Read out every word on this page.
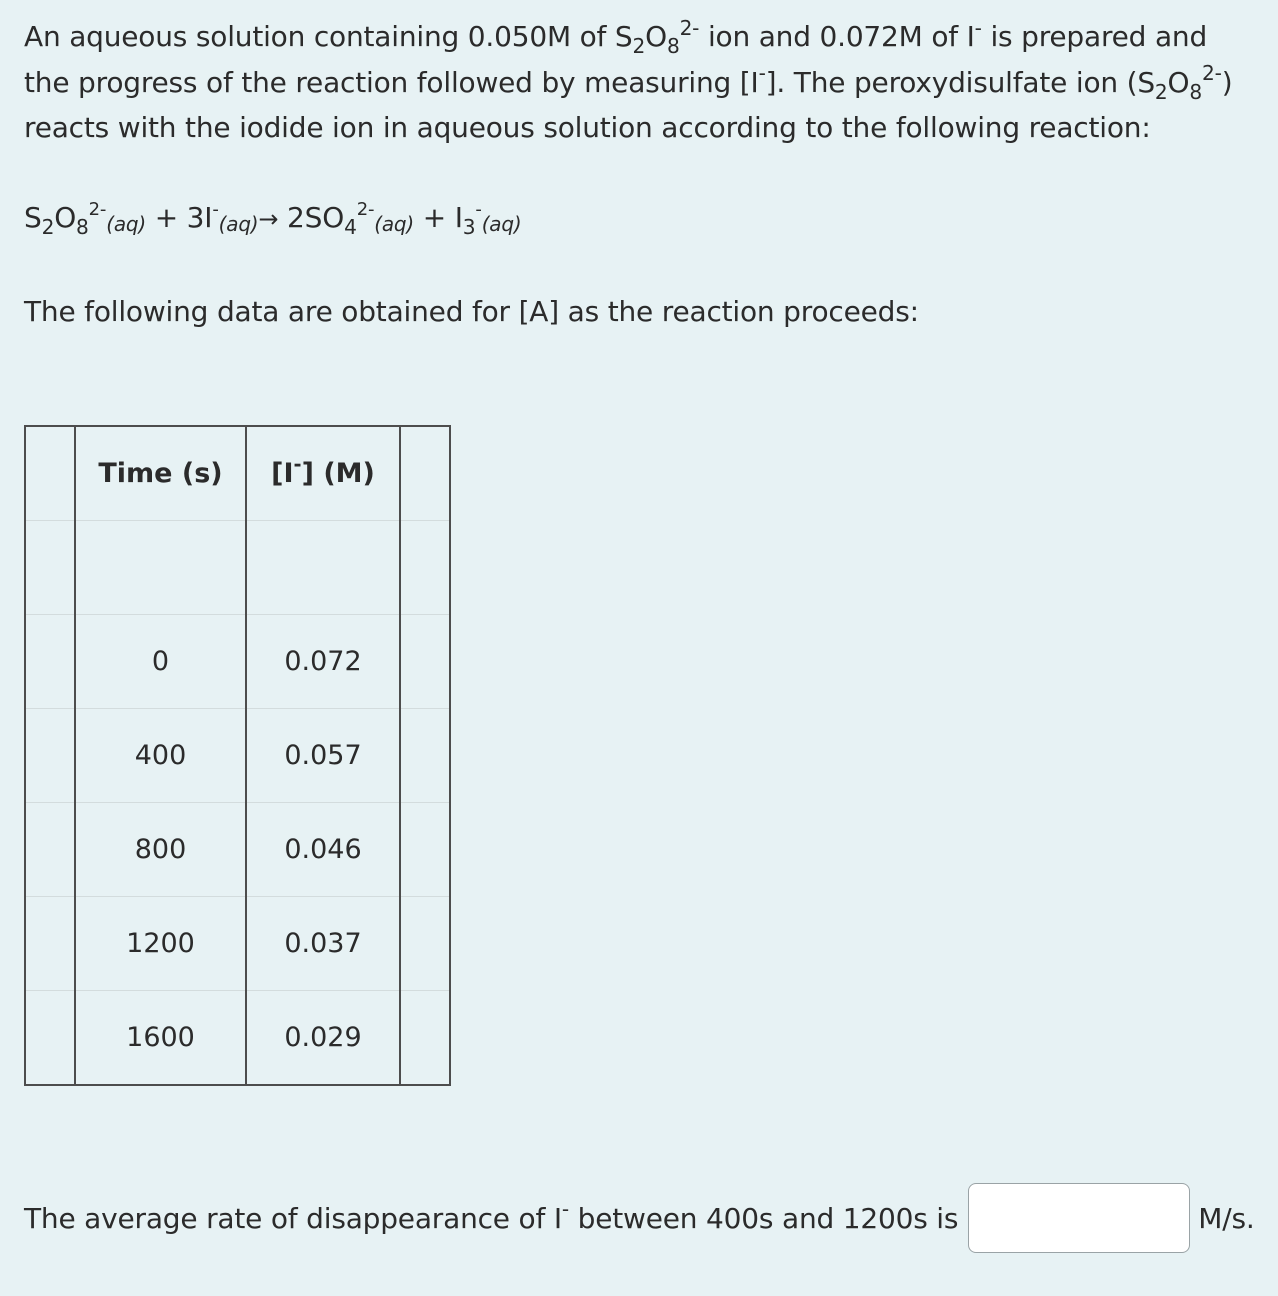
An aqueous solution containing 0.050M of $S_2O_8^{2-}$ ion and 0.072M of I- is prepared and
the progress of the reaction followed by measuring [I-]. The peroxydisulfate ion $(S_2O_8^{2-})$
reacts with the iodide ion in aqueous solution according to the following reaction:
$S_2O_8^{2-}(aq) + 3I^-(aq)\to 2SO_4^{2-}(aq) + I_3^-(aq)$
The following data are obtained for [A] as the reaction proceeds:
	Time (s)	[I-] (M)	

	0	0.072	
	400	0.057	
	800	0.046	
	1200	0.037	
	1600	0.029	
The average rate of disappearance of I- between 400s and 1200s is	M/s.
